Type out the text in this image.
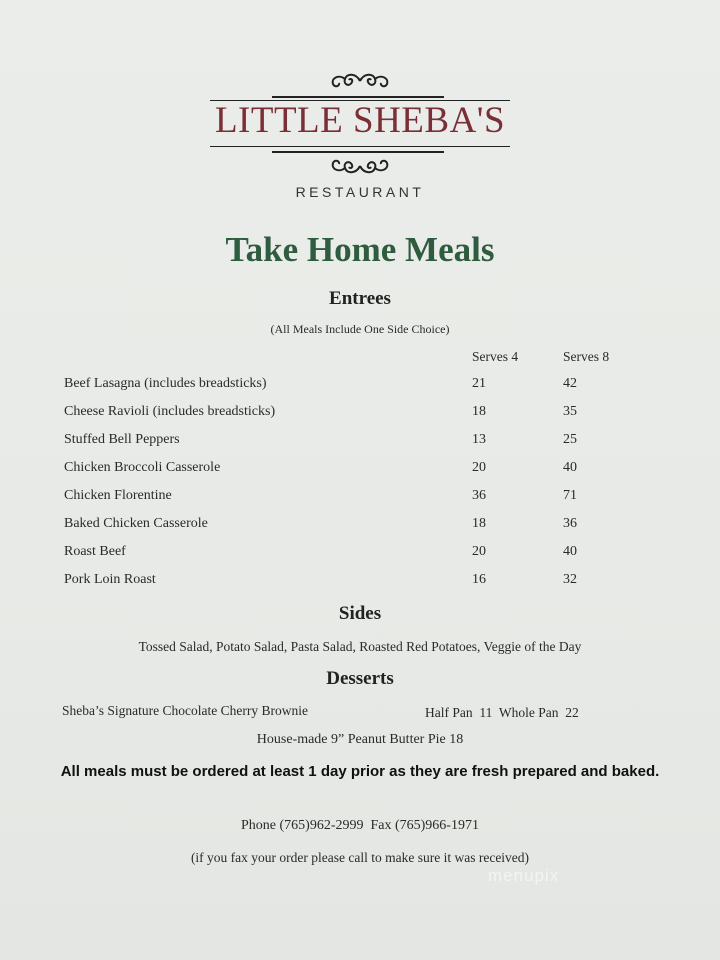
LITTLE SHEBA'S
RESTAURANT
Take Home Meals
Entrees
(All Meals Include One Side Choice)
Serves 4	Serves 8
Beef Lasagna (includes breadsticks)	21	42
Cheese Ravioli (includes breadsticks)	18	35
Stuffed Bell Peppers	13	25
Chicken Broccoli Casserole	20	40
Chicken Florentine	36	71
Baked Chicken Casserole	18	36
Roast Beef	20	40
Pork Loin Roast	16	32
Sides
Tossed Salad, Potato Salad, Pasta Salad, Roasted Red Potatoes, Veggie of the Day
Desserts
Sheba’s Signature Chocolate Cherry Brownie	Half Pan  11  Whole Pan  22
House-made 9” Peanut Butter Pie 18
All meals must be ordered at least 1 day prior as they are fresh prepared and baked.
Phone (765)962-2999  Fax (765)966-1971
(if you fax your order please call to make sure it was received)
menupix
